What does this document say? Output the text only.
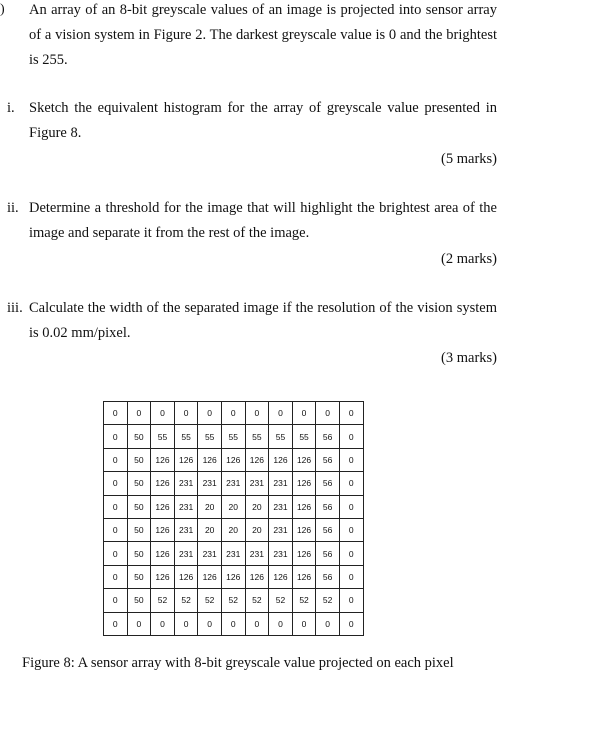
) An array of an 8-bit greyscale values of an image is projected into sensor array of a vision system in Figure 2. The darkest greyscale value is 0 and the brightest is 255.
i. Sketch the equivalent histogram for the array of greyscale value presented in Figure 8.
(5 marks)
ii. Determine a threshold for the image that will highlight the brightest area of the image and separate it from the rest of the image.
(2 marks)
iii. Calculate the width of the separated image if the resolution of the vision system is 0.02 mm/pixel.
(3 marks)
0	0	0	0	0	0	0	0	0	0	0
0	50	55	55	55	55	55	55	55	56	0
0	50	126	126	126	126	126	126	126	56	0
0	50	126	231	231	231	231	231	126	56	0
0	50	126	231	20	20	20	231	126	56	0
0	50	126	231	20	20	20	231	126	56	0
0	50	126	231	231	231	231	231	126	56	0
0	50	126	126	126	126	126	126	126	56	0
0	50	52	52	52	52	52	52	52	52	0
0	0	0	0	0	0	0	0	0	0	0
Figure 8: A sensor array with 8-bit greyscale value projected on each pixel
